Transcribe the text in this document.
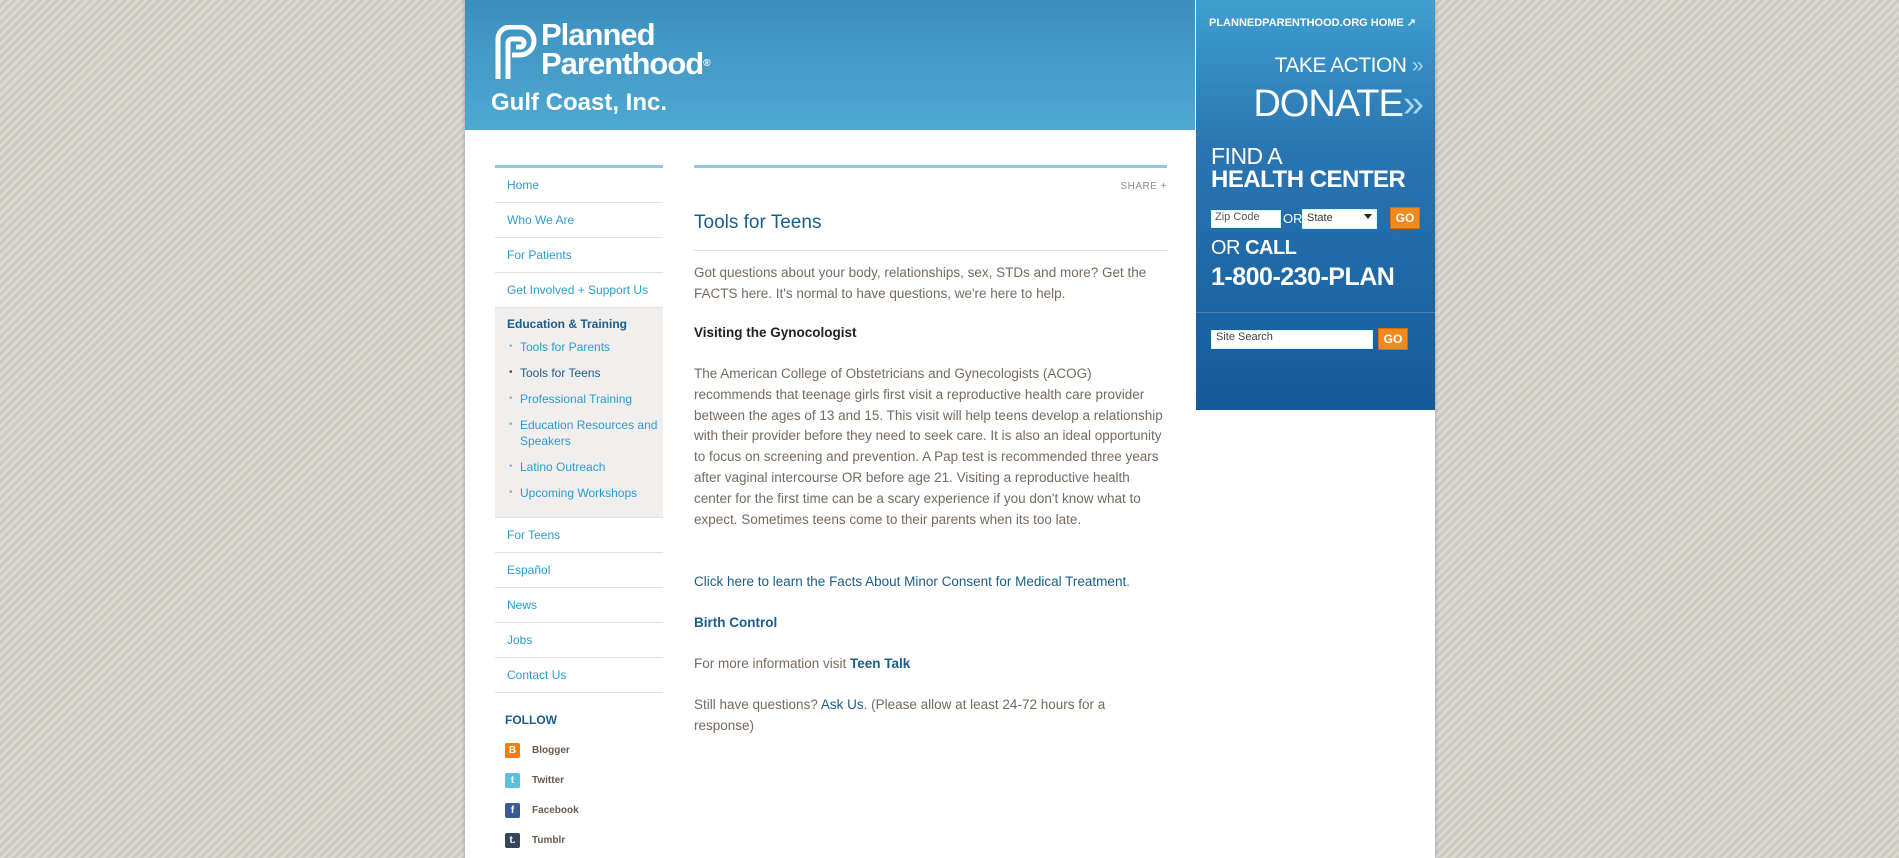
Planned
Parenthood®
Gulf Coast, Inc.
PLANNEDPARENTHOOD.ORG HOME ↗
TAKE ACTION »
DONATE»
FIND A
HEALTH CENTER
Zip Code	OR State	GO
OR CALL
1-800-230-PLAN
Site Search	GO
Home
Who We Are
For Patients
Get Involved + Support Us
Education & Training
• Tools for Parents
• Tools for Teens
• Professional Training
• Education Resources and Speakers
• Latino Outreach
• Upcoming Workshops
For Teens
Español
News
Jobs
Contact Us
FOLLOW
B	Blogger
t	Twitter
f	Facebook
t.	Tumblr
SHARE +
Tools for Teens
Got questions about your body, relationships, sex, STDs and more? Get the FACTS here. It's normal to have questions, we're here to help.
Visiting the Gynocologist
The American College of Obstetricians and Gynecologists (ACOG) recommends that teenage girls first visit a reproductive health care provider between the ages of 13 and 15. This visit will help teens develop a relationship with their provider before they need to seek care. It is also an ideal opportunity to focus on screening and prevention. A Pap test is recommended three years after vaginal intercourse OR before age 21. Visiting a reproductive health center for the first time can be a scary experience if you don't know what to expect. Sometimes teens come to their parents when its too late.
Click here to learn the Facts About Minor Consent for Medical Treatment.
Birth Control
For more information visit Teen Talk
Still have questions? Ask Us. (Please allow at least 24-72 hours for a response)
